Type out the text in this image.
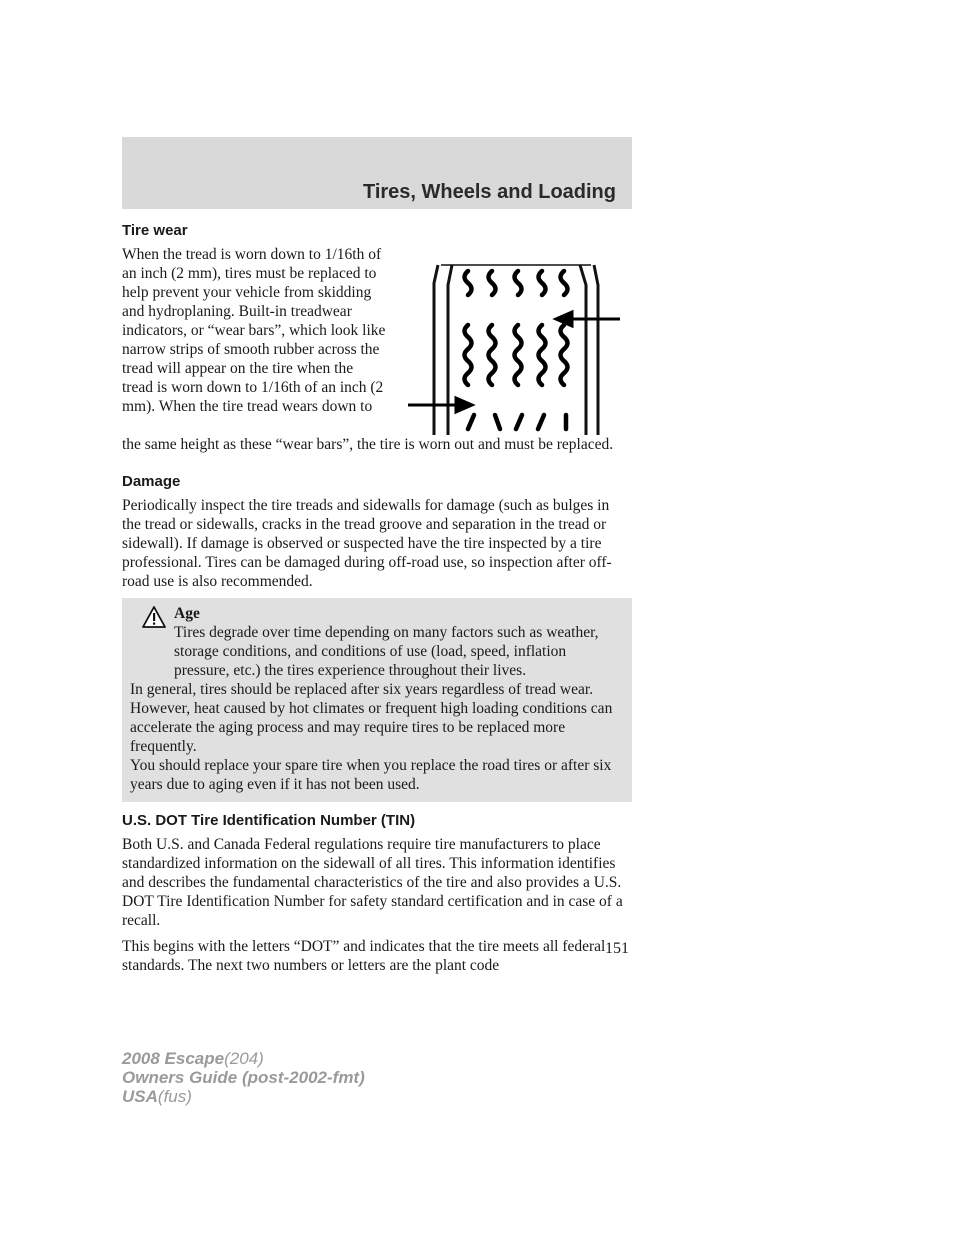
Tires, Wheels and Loading
Tire wear

When the tread is worn down to 1/16th of an inch (2 mm), tires must be replaced to help prevent your vehicle from skidding and hydroplaning. Built-in treadwear indicators, or “wear bars”, which look like narrow strips of smooth rubber across the tread will appear on the tire when the tread is worn down to 1/16th of an inch (2 mm). When the tire tread wears down to

the same height as these “wear bars”, the tire is worn out and must be replaced.

Damage

Periodically inspect the tire treads and sidewalls for damage (such as bulges in the tread or sidewalls, cracks in the tread groove and separation in the tread or sidewall). If damage is observed or suspected have the tire inspected by a tire professional. Tires can be damaged during off-road use, so inspection after off-road use is also recommended.

Age

Tires degrade over time depending on many factors such as weather, storage conditions, and conditions of use (load, speed, inflation pressure, etc.) the tires experience throughout their lives.

In general, tires should be replaced after six years regardless of tread wear. However, heat caused by hot climates or frequent high loading conditions can accelerate the aging process and may require tires to be replaced more frequently.

You should replace your spare tire when you replace the road tires or after six years due to aging even if it has not been used.

U.S. DOT Tire Identification Number (TIN)

Both U.S. and Canada Federal regulations require tire manufacturers to place standardized information on the sidewall of all tires. This information identifies and describes the fundamental characteristics of the tire and also provides a U.S. DOT Tire Identification Number for safety standard certification and in case of a recall.

This begins with the letters “DOT” and indicates that the tire meets all federal standards. The next two numbers or letters are the plant code

151
2008 Escape(204)
Owners Guide (post-2002-fmt)
USA(fus)
